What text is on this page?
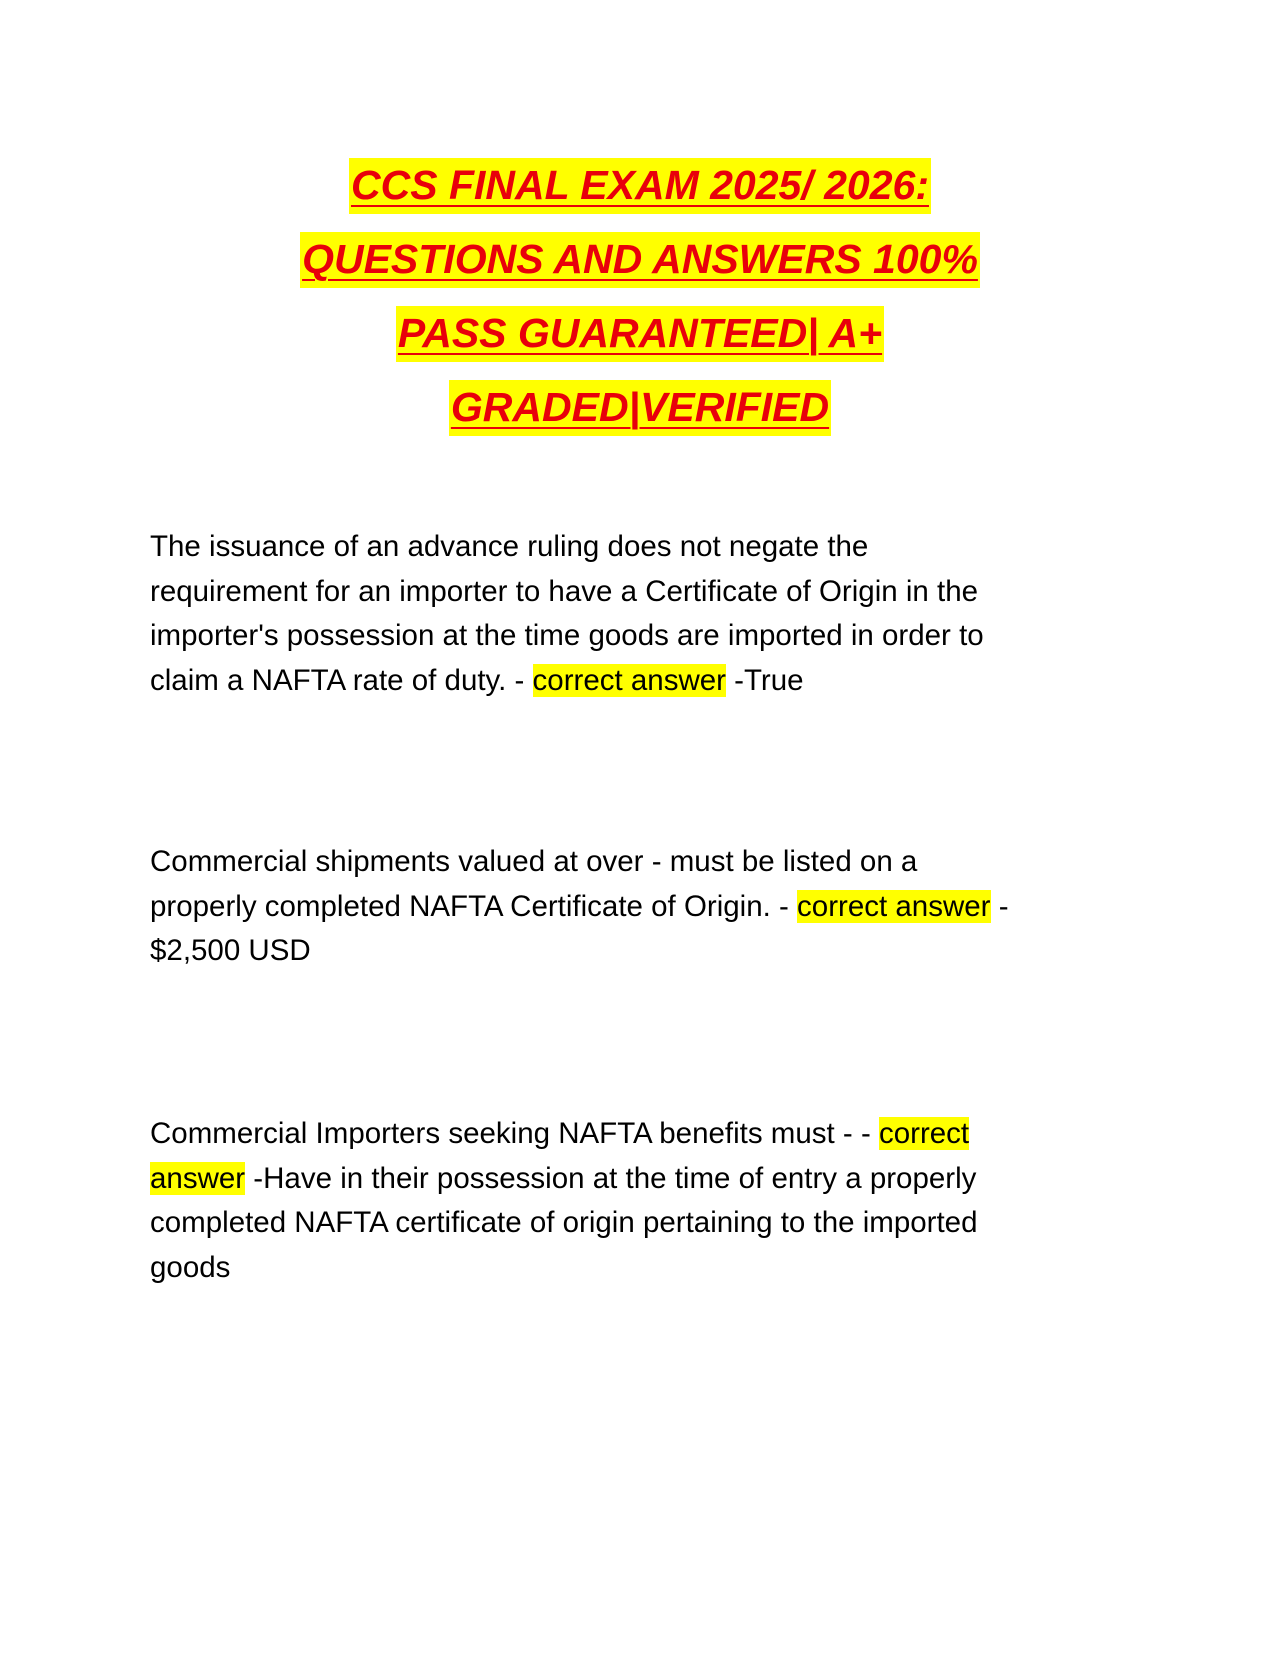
CCS FINAL EXAM 2025/ 2026:
QUESTIONS AND ANSWERS 100%
PASS GUARANTEED| A+
GRADED|VERIFIED
The issuance of an advance ruling does not negate the
requirement for an importer to have a Certificate of Origin in the
importer's possession at the time goods are imported in order to
claim a NAFTA rate of duty. - correct answer -True
Commercial shipments valued at over - must be listed on a
properly completed NAFTA Certificate of Origin. - correct answer -
$2,500 USD
Commercial Importers seeking NAFTA benefits must - - correct
answer -Have in their possession at the time of entry a properly
completed NAFTA certificate of origin pertaining to the imported
goods
